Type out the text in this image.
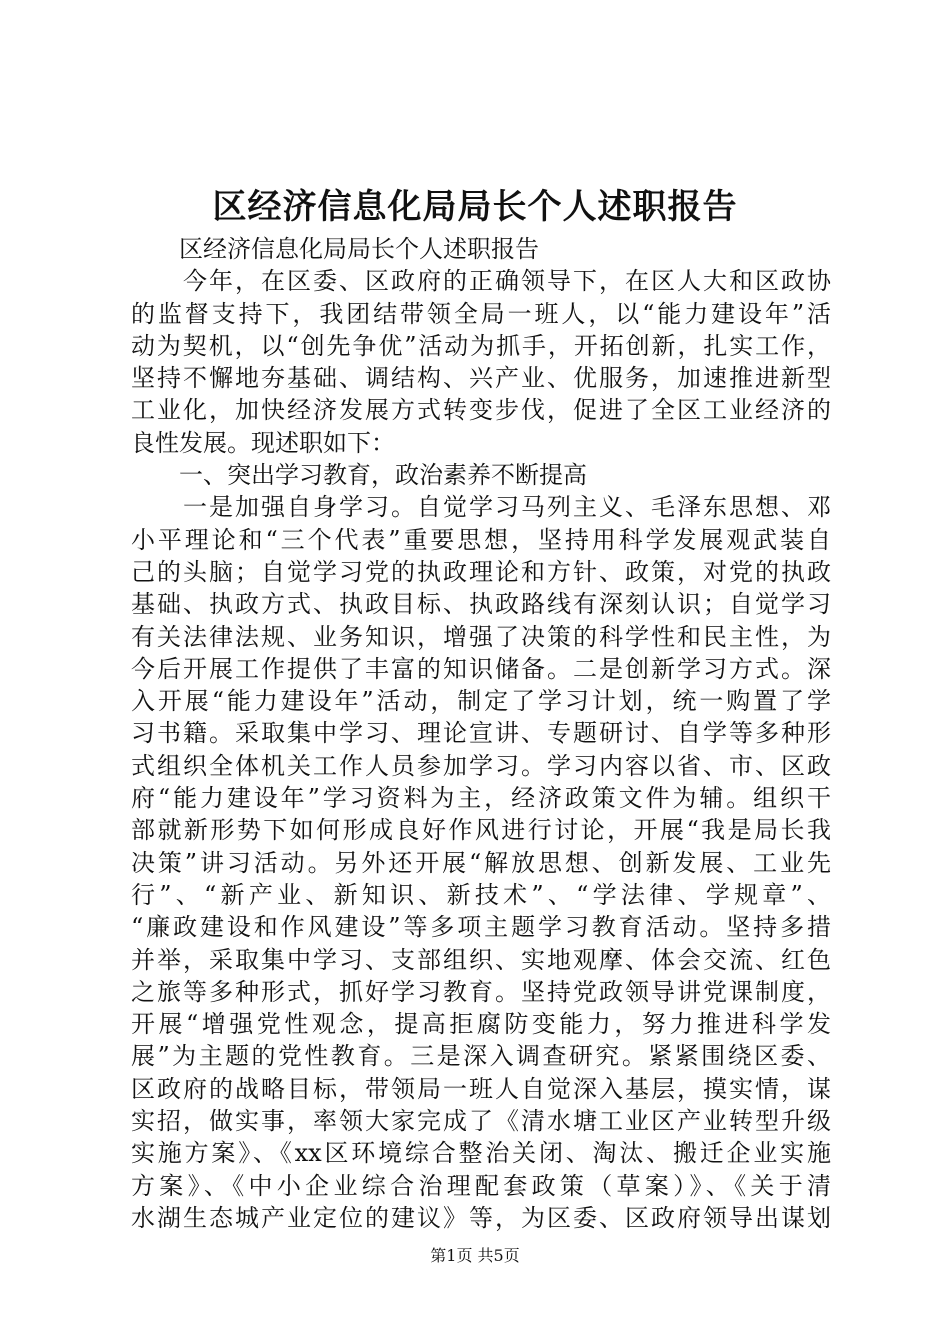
区经济信息化局局长个人述职报告
　　区经济信息化局局长个人述职报告
　　今年，在区委、区政府的正确领导下，在区人大和区政协
的监督支持下，我团结带领全局一班人，以“能力建设年”活
动为契机，以“创先争优”活动为抓手，开拓创新，扎实工作，
坚持不懈地夯基础、调结构、兴产业、优服务，加速推进新型
工业化，加快经济发展方式转变步伐，促进了全区工业经济的
良性发展。现述职如下：
　　一、突出学习教育，政治素养不断提高
　　一是加强自身学习。自觉学习马列主义、毛泽东思想、邓
小平理论和“三个代表”重要思想，坚持用科学发展观武装自
己的头脑；自觉学习党的执政理论和方针、政策，对党的执政
基础、执政方式、执政目标、执政路线有深刻认识；自觉学习
有关法律法规、业务知识，增强了决策的科学性和民主性，为
今后开展工作提供了丰富的知识储备。二是创新学习方式。深
入开展“能力建设年”活动，制定了学习计划，统一购置了学
习书籍。采取集中学习、理论宣讲、专题研讨、自学等多种形
式组织全体机关工作人员参加学习。学习内容以省、市、区政
府“能力建设年”学习资料为主，经济政策文件为辅。组织干
部就新形势下如何形成良好作风进行讨论，开展“我是局长我
决策”讲习活动。另外还开展“解放思想、创新发展、工业先
行”、“新产业、新知识、新技术”、“学法律、学规章”、
“廉政建设和作风建设”等多项主题学习教育活动。坚持多措
并举，采取集中学习、支部组织、实地观摩、体会交流、红色
之旅等多种形式，抓好学习教育。坚持党政领导讲党课制度，
开展“增强党性观念，提高拒腐防变能力，努力推进科学发
展”为主题的党性教育。三是深入调查研究。紧紧围绕区委、
区政府的战略目标，带领局一班人自觉深入基层，摸实情，谋
实招，做实事，率领大家完成了《清水塘工业区产业转型升级
实施方案》、《xx区环境综合整治关闭、淘汰、搬迁企业实施
方案》、《中小企业综合治理配套政策（草案）》、《关于清
水湖生态城产业定位的建议》等，为区委、区政府领导出谋划
第1页 共5页
